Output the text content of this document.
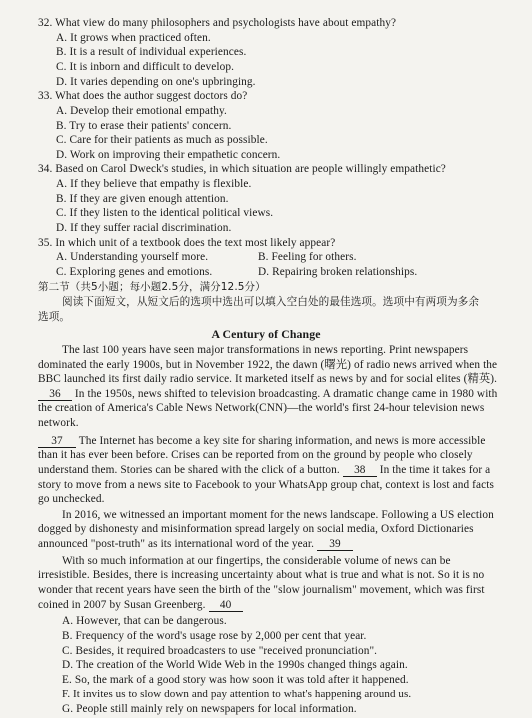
32. What view do many philosophers and psychologists have about empathy?
A. It grows when practiced often.
B. It is a result of individual experiences.
C. It is inborn and difficult to develop.
D. It varies depending on one's upbringing.
33. What does the author suggest doctors do?
A. Develop their emotional empathy.
B. Try to erase their patients' concern.
C. Care for their patients as much as possible.
D. Work on improving their empathetic concern.
34. Based on Carol Dweck's studies, in which situation are people willingly empathetic?
A. If they believe that empathy is flexible.
B. If they are given enough attention.
C. If they listen to the identical political views.
D. If they suffer racial discrimination.
35. In which unit of a textbook does the text most likely appear?
A. Understanding yourself more.	B. Feeling for others.
C. Exploring genes and emotions.	D. Repairing broken relationships.
第二节（共5小题；每小题2.5分，满分12.5分）
阅读下面短文，从短文后的选项中选出可以填入空白处的最佳选项。选项中有两项为多余
选项。
A Century of Change
The last 100 years have seen major transformations in news reporting. Print newspapers
dominated the early 1900s, but in November 1922, the dawn (曙光) of radio news arrived when the
BBC launched its first daily radio service. It marketed itself as news by and for social elites (精英).
36 In the 1950s, news shifted to television broadcasting. A dramatic change came in 1980 with
the creation of America's Cable News Network(CNN)—the world's first 24-hour television news
network.
37 The Internet has become a key site for sharing information, and news is more accessible
than it has ever been before. Crises can be reported from on the ground by people who closely
understand them. Stories can be shared with the click of a button. 38 In the time it takes for a
story to move from a news site to Facebook to your WhatsApp group chat, context is lost and facts
go unchecked.
In 2016, we witnessed an important moment for the news landscape. Following a US election
dogged by dishonesty and misinformation spread largely on social media, Oxford Dictionaries
announced "post-truth" as its international word of the year. 39
With so much information at our fingertips, the considerable volume of news can be
irresistible. Besides, there is increasing uncertainty about what is true and what is not. So it is no
wonder that recent years have seen the birth of the "slow journalism" movement, which was first
coined in 2007 by Susan Greenberg. 40
A. However, that can be dangerous.
B. Frequency of the word's usage rose by 2,000 per cent that year.
C. Besides, it required broadcasters to use "received pronunciation".
D. The creation of the World Wide Web in the 1990s changed things again.
E. So, the mark of a good story was how soon it was told after it happened.
F. It invites us to slow down and pay attention to what's happening around us.
G. People still mainly rely on newspapers for local information.
